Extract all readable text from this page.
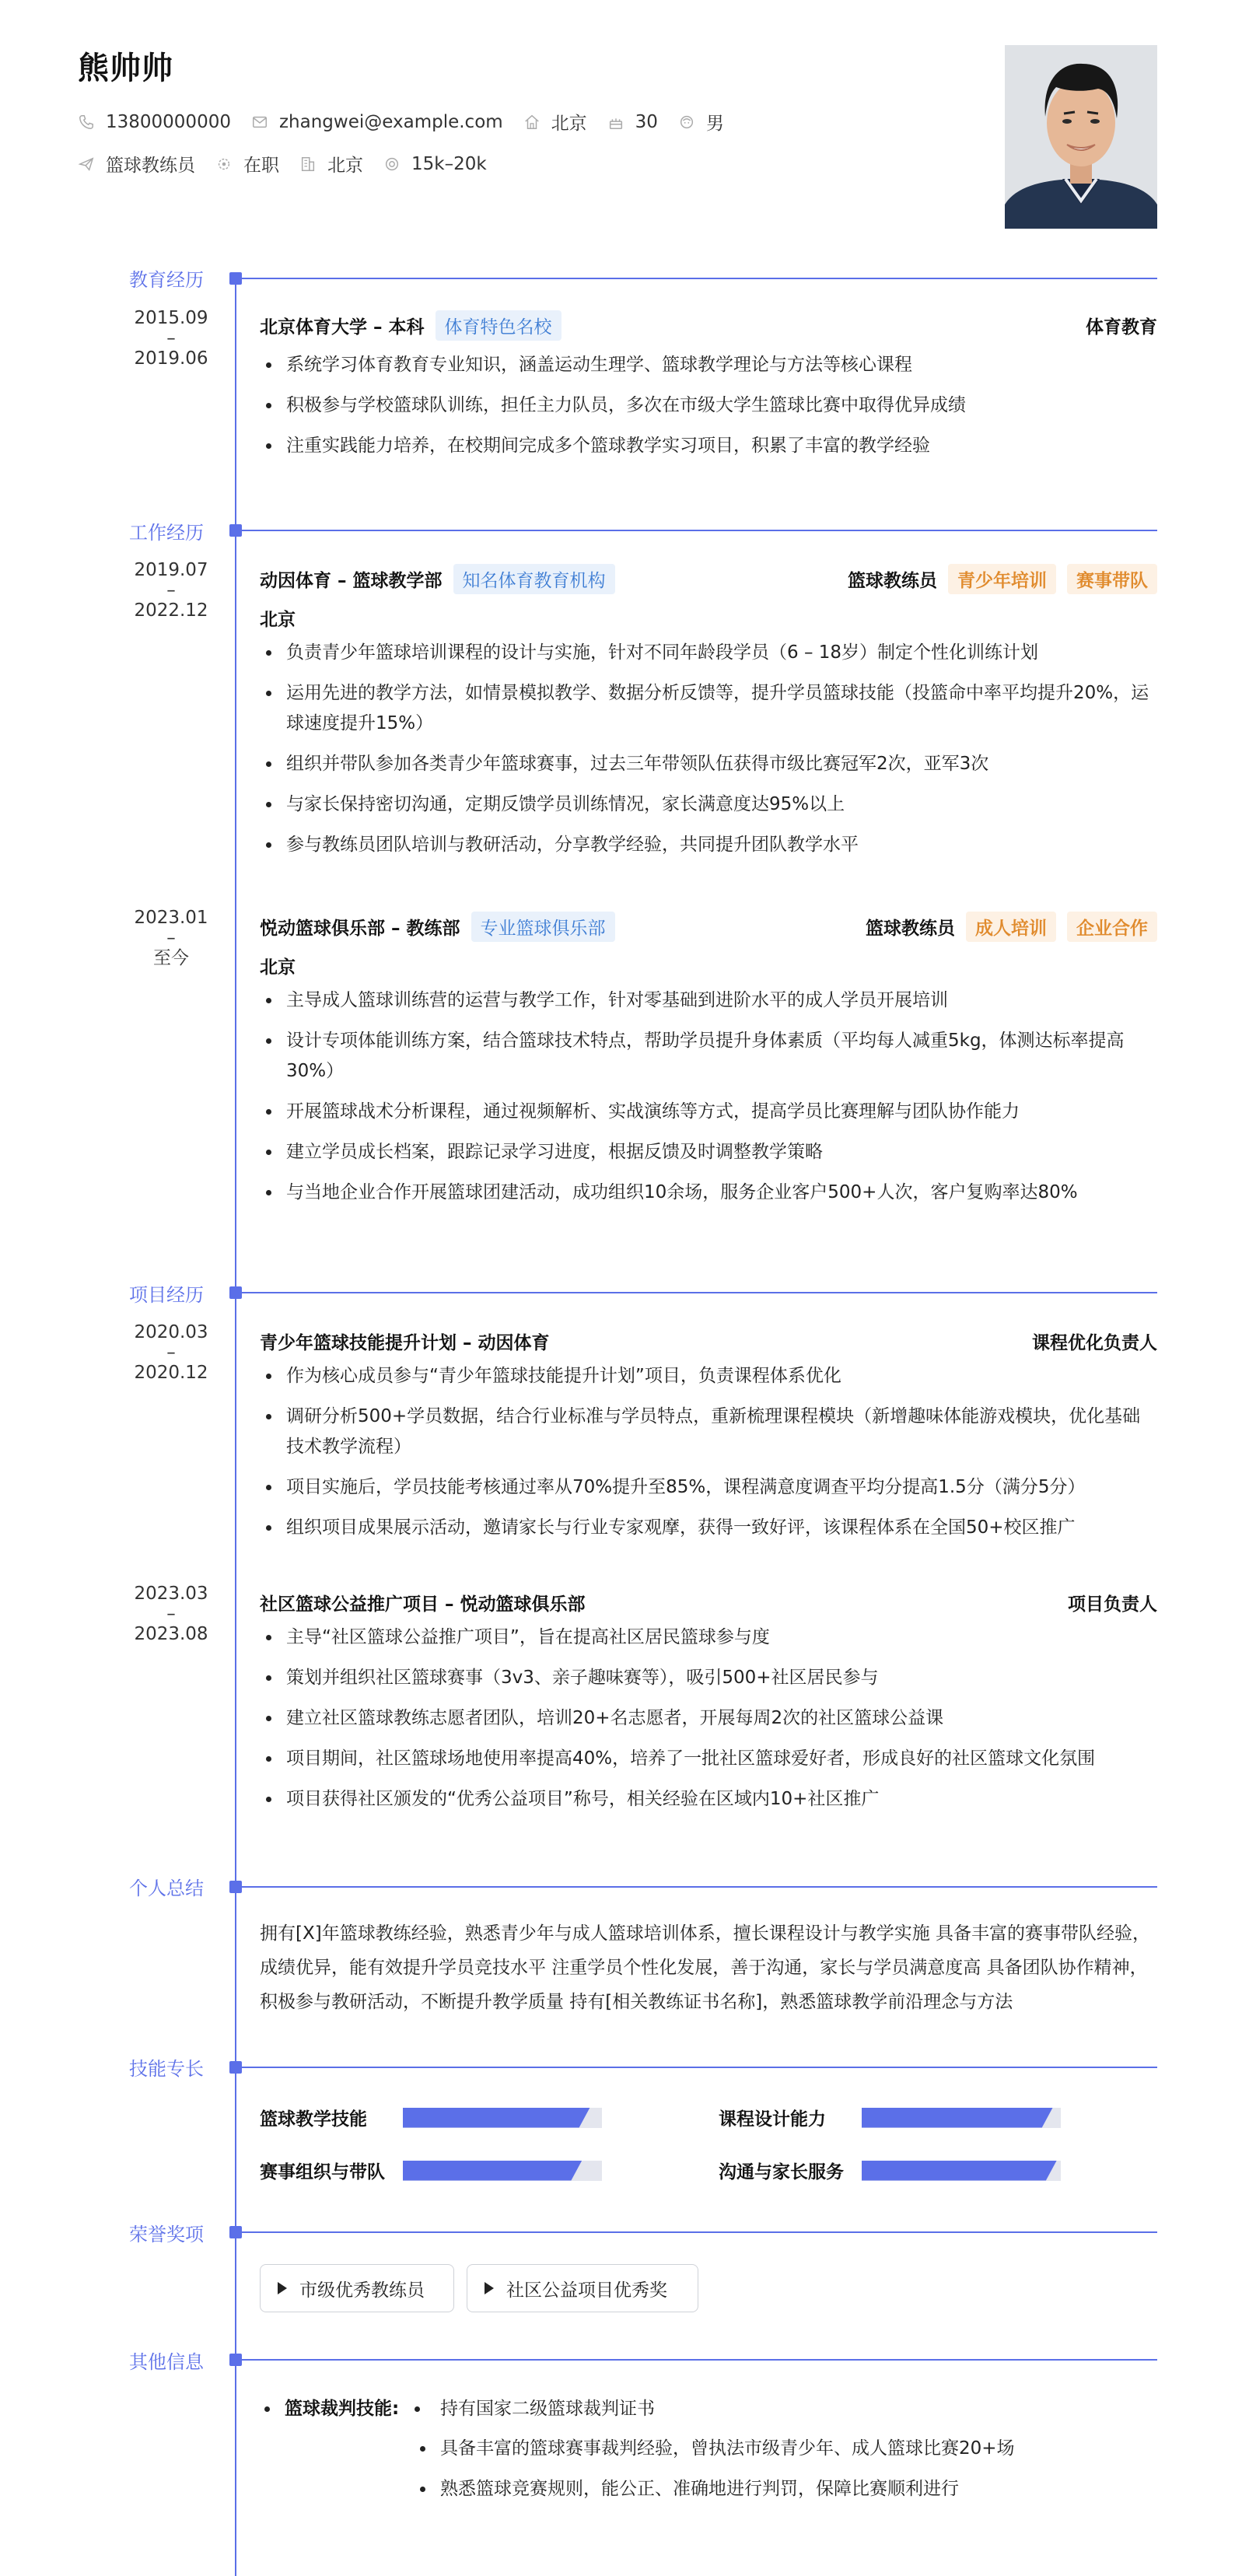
熊帅帅
13800000000	zhangwei@example.com	北京	30	男
篮球教练员	在职	北京	15k–20k
教育经历
2015.09
–
2019.06
北京体育大学 – 本科	体育特色名校	体育教育
系统学习体育教育专业知识，涵盖运动生理学、篮球教学理论与方法等核心课程
积极参与学校篮球队训练，担任主力队员，多次在市级大学生篮球比赛中取得优异成绩
注重实践能力培养，在校期间完成多个篮球教学实习项目，积累了丰富的教学经验
工作经历
2019.07
–
2022.12
动因体育 – 篮球教学部	知名体育教育机构	篮球教练员	青少年培训	赛事带队
北京
负责青少年篮球培训课程的设计与实施，针对不同年龄段学员（6 – 18岁）制定个性化训练计划
运用先进的教学方法，如情景模拟教学、数据分析反馈等，提升学员篮球技能（投篮命中率平均提升20%，运球速度提升15%）
组织并带队参加各类青少年篮球赛事，过去三年带领队伍获得市级比赛冠军2次，亚军3次
与家长保持密切沟通，定期反馈学员训练情况，家长满意度达95%以上
参与教练员团队培训与教研活动，分享教学经验，共同提升团队教学水平
2023.01
–
至今
悦动篮球俱乐部 – 教练部	专业篮球俱乐部	篮球教练员	成人培训	企业合作
北京
主导成人篮球训练营的运营与教学工作，针对零基础到进阶水平的成人学员开展培训
设计专项体能训练方案，结合篮球技术特点，帮助学员提升身体素质（平均每人减重5kg，体测达标率提高30%）
开展篮球战术分析课程，通过视频解析、实战演练等方式，提高学员比赛理解与团队协作能力
建立学员成长档案，跟踪记录学习进度，根据反馈及时调整教学策略
与当地企业合作开展篮球团建活动，成功组织10余场，服务企业客户500+人次，客户复购率达80%
项目经历
2020.03
–
2020.12
青少年篮球技能提升计划 – 动因体育	课程优化负责人
作为核心成员参与“青少年篮球技能提升计划”项目，负责课程体系优化
调研分析500+学员数据，结合行业标准与学员特点，重新梳理课程模块（新增趣味体能游戏模块，优化基础技术教学流程）
项目实施后，学员技能考核通过率从70%提升至85%，课程满意度调查平均分提高1.5分（满分5分）
组织项目成果展示活动，邀请家长与行业专家观摩，获得一致好评，该课程体系在全国50+校区推广
2023.03
–
2023.08
社区篮球公益推广项目 – 悦动篮球俱乐部	项目负责人
主导“社区篮球公益推广项目”，旨在提高社区居民篮球参与度
策划并组织社区篮球赛事（3v3、亲子趣味赛等），吸引500+社区居民参与
建立社区篮球教练志愿者团队，培训20+名志愿者，开展每周2次的社区篮球公益课
项目期间，社区篮球场地使用率提高40%，培养了一批社区篮球爱好者，形成良好的社区篮球文化氛围
项目获得社区颁发的“优秀公益项目”称号，相关经验在区域内10+社区推广
个人总结
拥有[X]年篮球教练经验，熟悉青少年与成人篮球培训体系，擅长课程设计与教学实施 具备丰富的赛事带队经验，成绩优异，能有效提升学员竞技水平 注重学员个性化发展，善于沟通，家长与学员满意度高 具备团队协作精神，积极参与教研活动，不断提升教学质量 持有[相关教练证书名称]，熟悉篮球教学前沿理念与方法
技能专长
篮球教学技能	课程设计能力
赛事组织与带队	沟通与家长服务
荣誉奖项
市级优秀教练员	社区公益项目优秀奖
其他信息
篮球裁判技能: 持有国家二级篮球裁判证书
具备丰富的篮球赛事裁判经验，曾执法市级青少年、成人篮球比赛20+场
熟悉篮球竞赛规则，能公正、准确地进行判罚，保障比赛顺利进行
